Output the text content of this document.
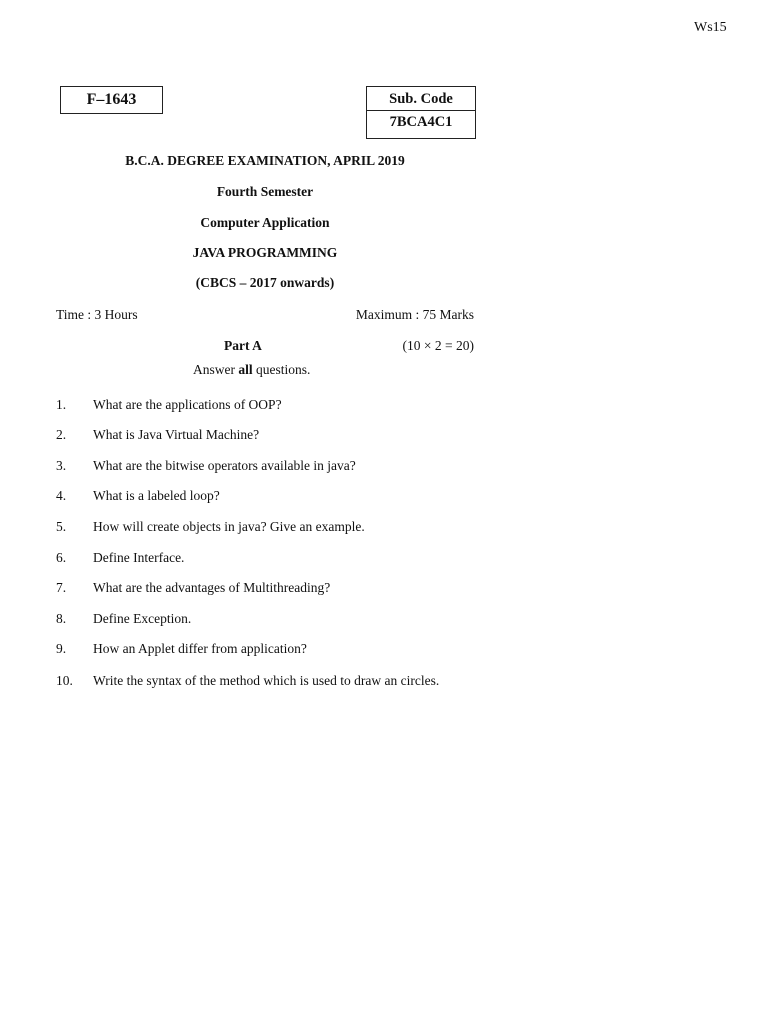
Ws15
F–1643	Sub. Code
7BCA4C1
B.C.A. DEGREE EXAMINATION, APRIL 2019
Fourth Semester
Computer Application
JAVA PROGRAMMING
(CBCS – 2017 onwards)
Time : 3 Hours	Maximum : 75 Marks
Part A	(10 × 2 = 20)
Answer all questions.
1. What are the applications of OOP?
2. What is Java Virtual Machine?
3. What are the bitwise operators available in java?
4. What is a labeled loop?
5. How will create objects in java? Give an example.
6. Define Interface.
7. What are the advantages of Multithreading?
8. Define Exception.
9. How an Applet differ from application?
10. Write the syntax of the method which is used to draw an circles.
